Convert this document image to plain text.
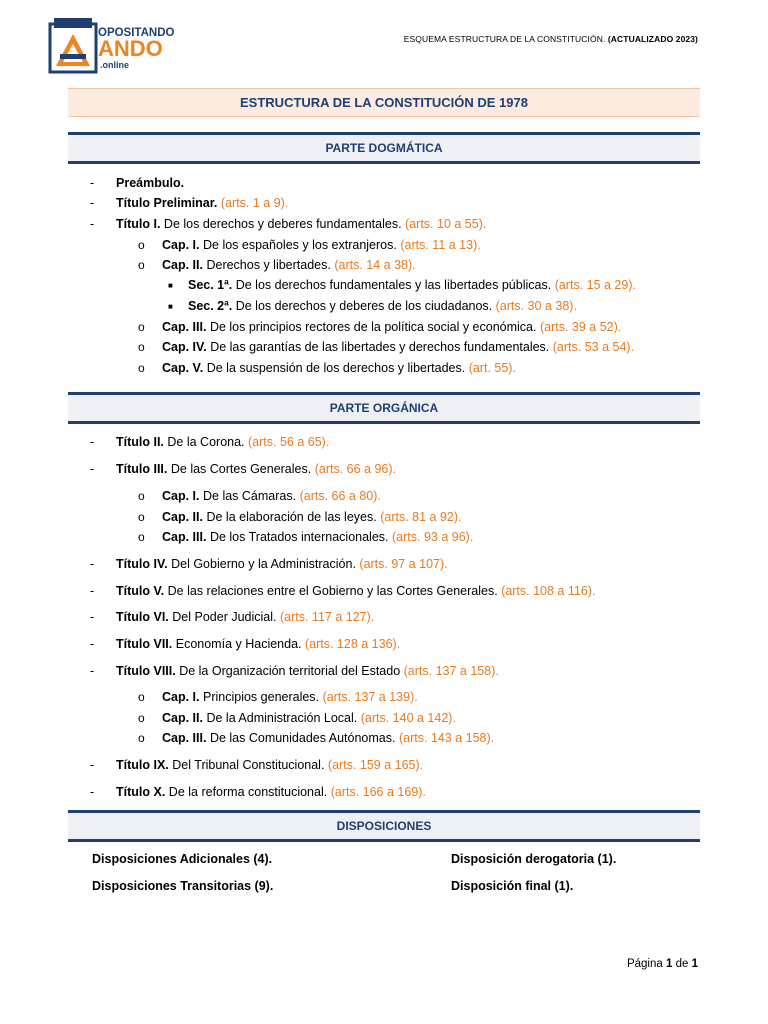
OPOSITANDO
ANDO
.online
ESQUEMA ESTRUCTURA DE LA CONSTITUCIÓN. (ACTUALIZADO 2023)
ESTRUCTURA DE LA CONSTITUCIÓN DE 1978
PARTE DOGMÁTICA
- Preámbulo.
- Título Preliminar. (arts. 1 a 9).
- Título I. De los derechos y deberes fundamentales. (arts. 10 a 55).
o Cap. I. De los españoles y los extranjeros. (arts. 11 a 13).
o Cap. II. Derechos y libertades. (arts. 14 a 38).
■ Sec. 1ª. De los derechos fundamentales y las libertades públicas. (arts. 15 a 29).
■ Sec. 2ª. De los derechos y deberes de los ciudadanos. (arts. 30 a 38).
o Cap. III. De los principios rectores de la política social y económica. (arts. 39 a 52).
o Cap. IV. De las garantías de las libertades y derechos fundamentales. (arts. 53 a 54).
o Cap. V. De la suspensión de los derechos y libertades. (art. 55).
PARTE ORGÁNICA
- Título II. De la Corona. (arts. 56 a 65).
- Título III. De las Cortes Generales. (arts. 66 a 96).
o Cap. I. De las Cámaras. (arts. 66 a 80).
o Cap. II. De la elaboración de las leyes. (arts. 81 a 92).
o Cap. III. De los Tratados internacionales. (arts. 93 a 96).
- Título IV. Del Gobierno y la Administración. (arts. 97 a 107).
- Título V. De las relaciones entre el Gobierno y las Cortes Generales. (arts. 108 a 116).
- Título VI. Del Poder Judicial. (arts. 117 a 127).
- Título VII. Economía y Hacienda. (arts. 128 a 136).
- Título VIII. De la Organización territorial del Estado (arts. 137 a 158).
o Cap. I. Principios generales. (arts. 137 a 139).
o Cap. II. De la Administración Local. (arts. 140 a 142).
o Cap. III. De las Comunidades Autónomas. (arts. 143 a 158).
- Título IX. Del Tribunal Constitucional. (arts. 159 a 165).
- Título X. De la reforma constitucional. (arts. 166 a 169).
DISPOSICIONES
Disposiciones Adicionales (4).
Disposiciones Transitorias (9).
Disposición derogatoria (1).
Disposición final (1).
Página 1 de 1
